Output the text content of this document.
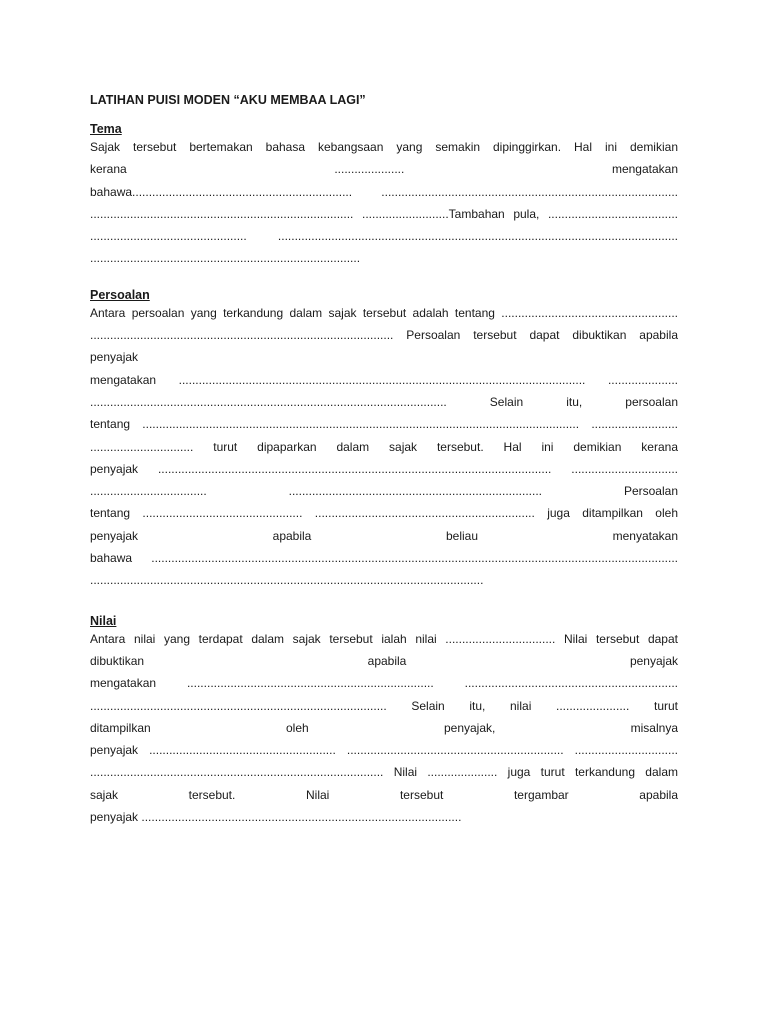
LATIHAN PUISI MODEN “AKU MEMBAA LAGI”
Tema
Sajak tersebut bertemakan bahasa kebangsaan yang semakin dipinggirkan. Hal ini demikian
kerana ..................... mengatakan
bahawa.................................................................. .........................................................................................
............................................................................... ..........................Tambahan pula, .......................................
............................................... ........................................................................................................................
.................................................................................
Persoalan
Antara persoalan yang terkandung dalam sajak tersebut adalah tentang .....................................................
........................................................................................... Persoalan tersebut dapat dibuktikan apabila
penyajak
mengatakan .......................................................................................................................... .....................
........................................................................................................... Selain itu, persoalan
tentang ................................................................................................................................... ..........................
............................... turut dipaparkan dalam sajak tersebut. Hal ini demikian kerana
penyajak ...................................................................................................................... ................................
................................... ............................................................................ Persoalan
tentang ................................................ .................................................................. juga ditampilkan oleh
penyajak apabila beliau menyatakan
bahawa ..............................................................................................................................................................
......................................................................................................................
Nilai
Antara nilai yang terdapat dalam sajak tersebut ialah nilai ................................. Nilai tersebut dapat
dibuktikan apabila penyajak
mengatakan .......................................................................... ................................................................
......................................................................................... Selain itu, nilai ...................... turut
ditampilkan oleh penyajak, misalnya
penyajak ........................................................ ................................................................. ...............................
........................................................................................ Nilai ..................... juga turut terkandung dalam
sajak tersebut. Nilai tersebut tergambar apabila
penyajak ................................................................................................
